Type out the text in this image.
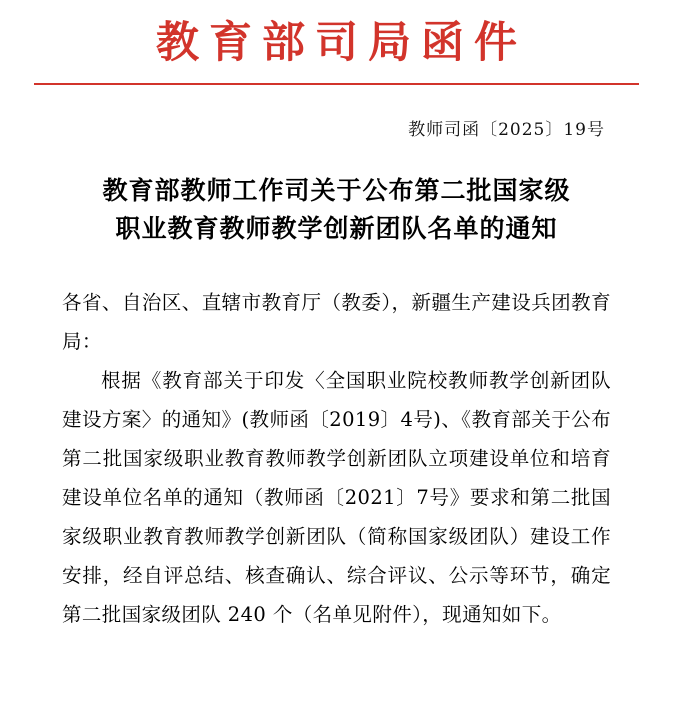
教育部司局函件
教师司函〔2025〕19号
教育部教师工作司关于公布第二批国家级
职业教育教师教学创新团队名单的通知

各省、自治区、直辖市教育厅（教委），新疆生产建设兵团教育局：

根据《教育部关于印发〈全国职业院校教师教学创新团队建设方案〉的通知》(教师函〔2019〕4号)、《教育部关于公布第二批国家级职业教育教师教学创新团队立项建设单位和培育建设单位名单的通知（教师函〔2021〕7号》要求和第二批国家级职业教育教师教学创新团队（简称国家级团队）建设工作安排，经自评总结、核查确认、综合评议、公示等环节，确定第二批国家级团队 240 个（名单见附件），现通知如下。
